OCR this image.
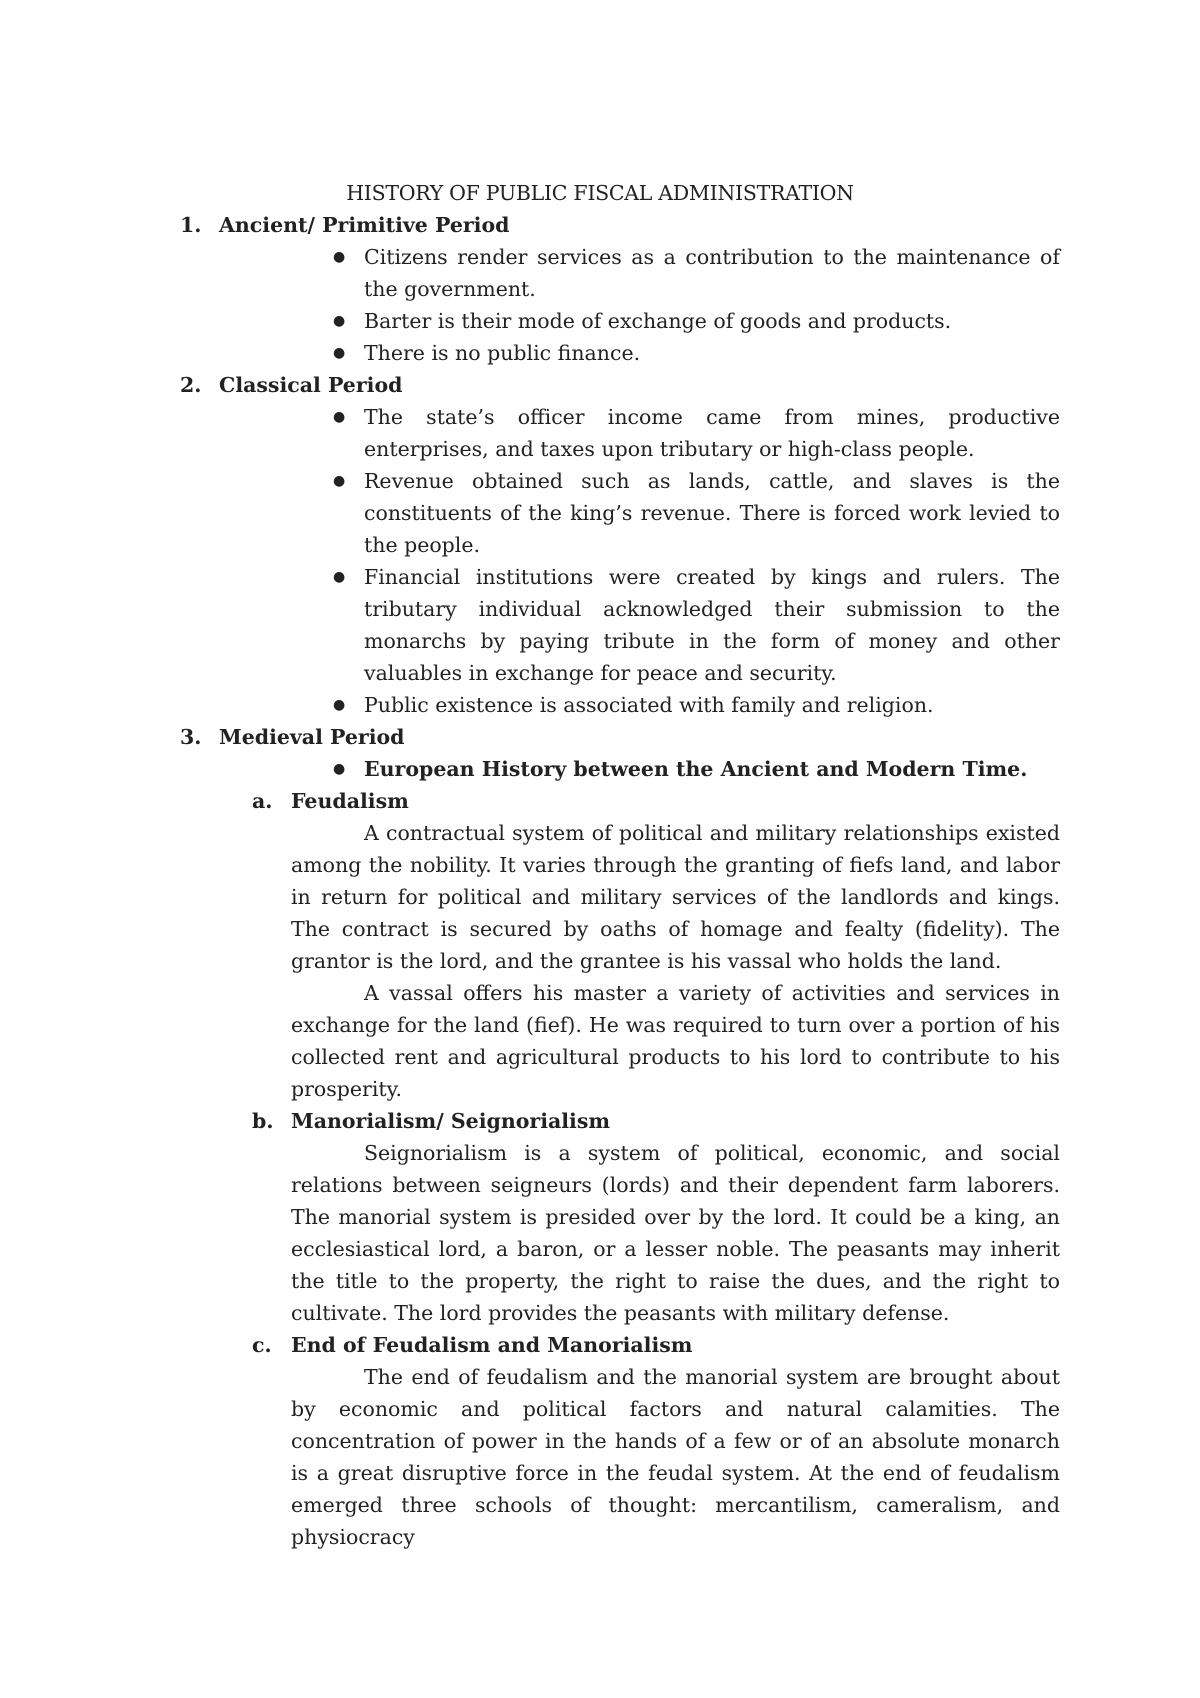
HISTORY OF PUBLIC FISCAL ADMINISTRATION
1. Ancient/ Primitive Period
● Citizens render services as a contribution to the maintenance of the government.
● Barter is their mode of exchange of goods and products.
● There is no public finance.
2. Classical Period
● The state’s officer income came from mines, productive enterprises, and taxes upon tributary or high-class people.
● Revenue obtained such as lands, cattle, and slaves is the constituents of the king’s revenue. There is forced work levied to the people.
● Financial institutions were created by kings and rulers. The tributary individual acknowledged their submission to the monarchs by paying tribute in the form of money and other valuables in exchange for peace and security.
● Public existence is associated with family and religion.
3. Medieval Period
● European History between the Ancient and Modern Time.
a. Feudalism

A contractual system of political and military relationships existed among the nobility. It varies through the granting of fiefs land, and labor in return for political and military services of the landlords and kings. The contract is secured by oaths of homage and fealty (fidelity). The grantor is the lord, and the grantee is his vassal who holds the land.

A vassal offers his master a variety of activities and services in exchange for the land (fief). He was required to turn over a portion of his collected rent and agricultural products to his lord to contribute to his prosperity.

b. Manorialism/ Seignorialism

Seignorialism is a system of political, economic, and social relations between seigneurs (lords) and their dependent farm laborers. The manorial system is presided over by the lord. It could be a king, an ecclesiastical lord, a baron, or a lesser noble. The peasants may inherit the title to the property, the right to raise the dues, and the right to cultivate. The lord provides the peasants with military defense.

c. End of Feudalism and Manorialism

The end of feudalism and the manorial system are brought about by economic and political factors and natural calamities. The concentration of power in the hands of a few or of an absolute monarch is a great disruptive force in the feudal system. At the end of feudalism emerged three schools of thought: mercantilism, cameralism, and physiocracy
